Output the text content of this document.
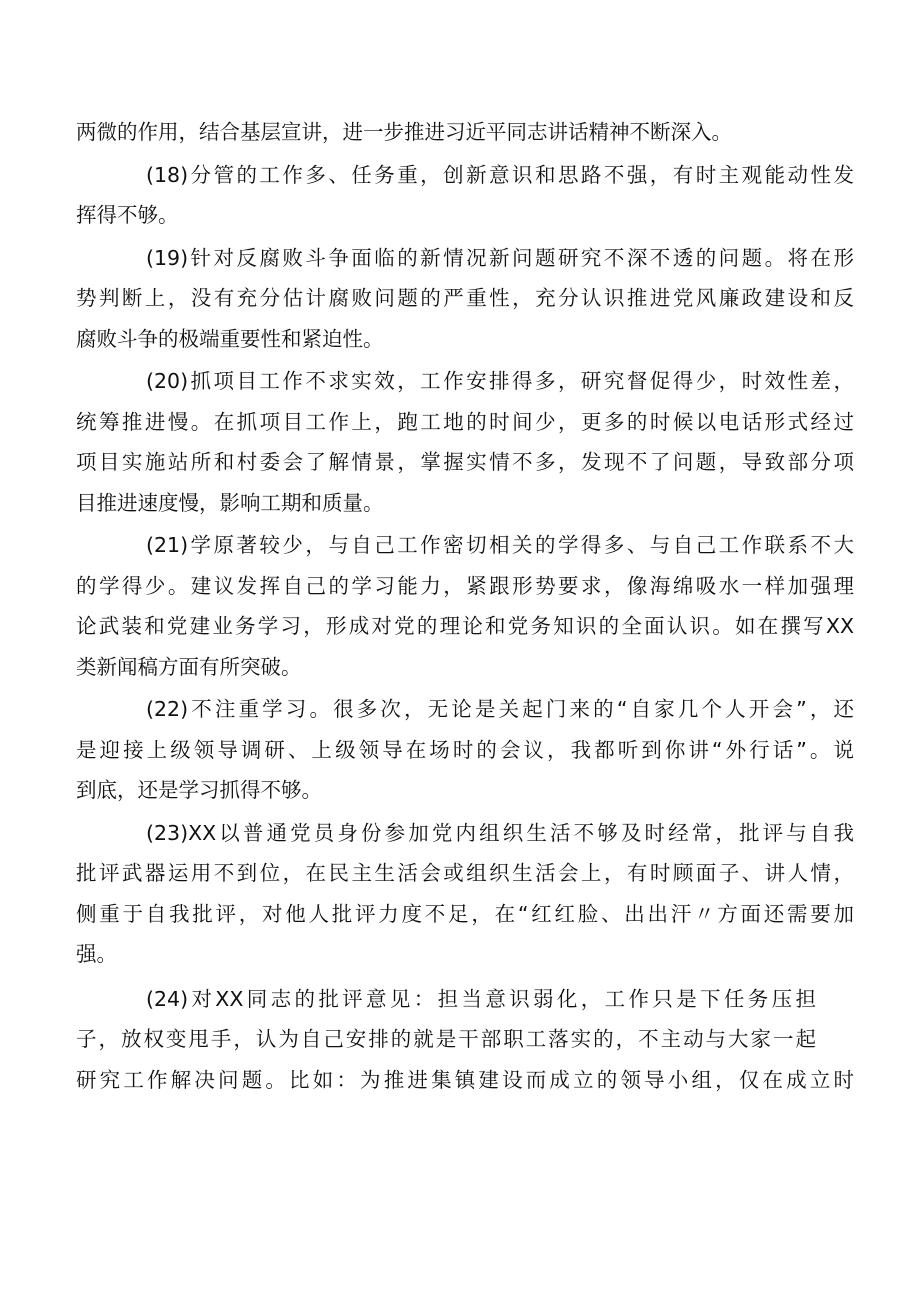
两微的作用，结合基层宣讲，进一步推进习近平同志讲话精神不断深入。
(18)分管的工作多、任务重，创新意识和思路不强，有时主观能动性发
挥得不够。
(19)针对反腐败斗争面临的新情况新问题研究不深不透的问题。将在形
势判断上，没有充分估计腐败问题的严重性，充分认识推进党风廉政建设和反
腐败斗争的极端重要性和紧迫性。
(20)抓项目工作不求实效，工作安排得多，研究督促得少，时效性差，
统筹推进慢。在抓项目工作上，跑工地的时间少，更多的时候以电话形式经过
项目实施站所和村委会了解情景，掌握实情不多，发现不了问题，导致部分项
目推进速度慢，影响工期和质量。
(21)学原著较少，与自己工作密切相关的学得多、与自己工作联系不大
的学得少。建议发挥自己的学习能力，紧跟形势要求，像海绵吸水一样加强理
论武装和党建业务学习，形成对党的理论和党务知识的全面认识。如在撰写XX
类新闻稿方面有所突破。
(22)不注重学习。很多次，无论是关起门来的“自家几个人开会”，还
是迎接上级领导调研、上级领导在场时的会议，我都听到你讲“外行话”。说
到底，还是学习抓得不够。
(23)XX以普通党员身份参加党内组织生活不够及时经常，批评与自我
批评武器运用不到位，在民主生活会或组织生活会上，有时顾面子、讲人情，
侧重于自我批评，对他人批评力度不足，在“红红脸、出出汗〃方面还需要加
强。
(24)对XX同志的批评意见：担当意识弱化，工作只是下任务压担
子，放权变甩手，认为自己安排的就是干部职工落实的，不主动与大家一起
研究工作解决问题。比如：为推进集镇建设而成立的领导小组，仅在成立时
